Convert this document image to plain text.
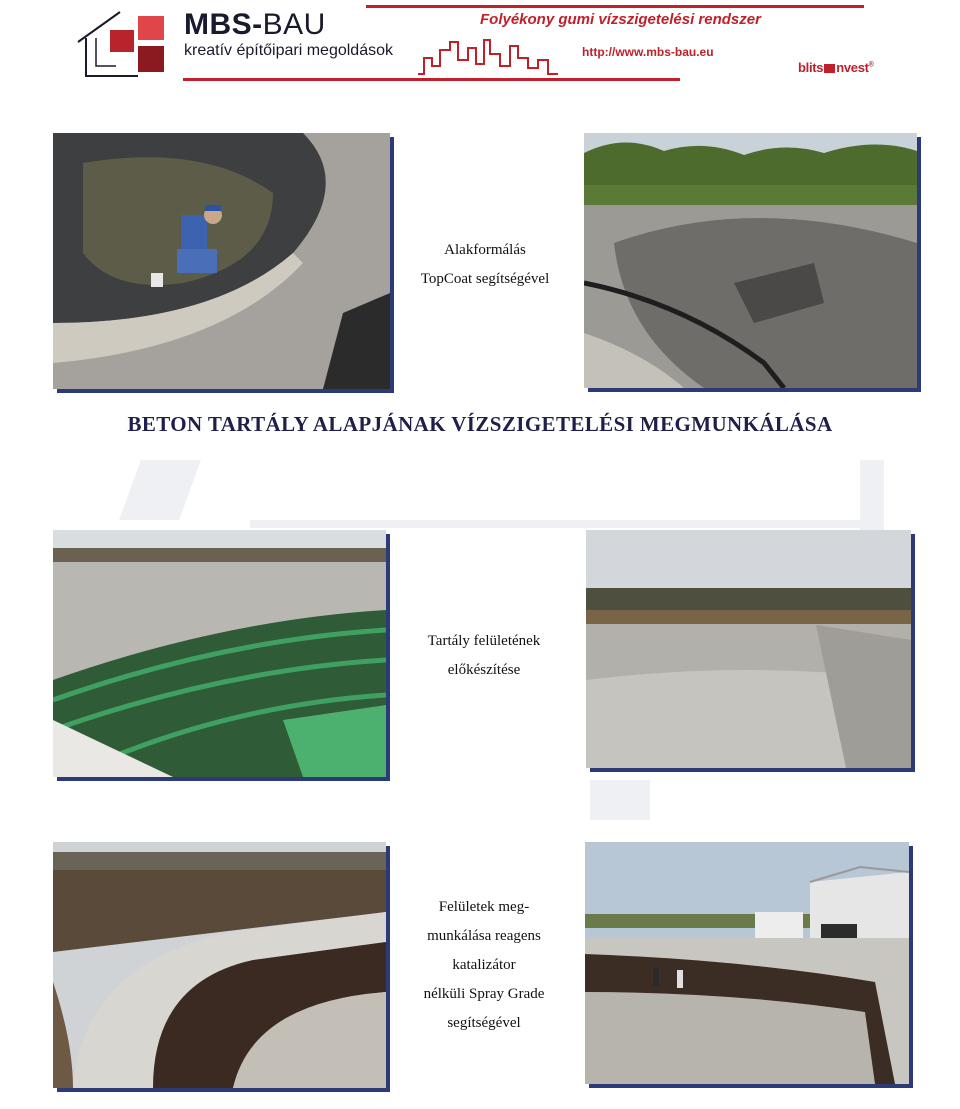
MBS-BAU
kreatív építőipari megoldások
Folyékony gumi vízszigetelési rendszer
http://www.mbs-bau.eu
blits nvest®
Alakformálás
TopCoat segítségével
BETON TARTÁLY ALAPJÁNAK VÍZSZIGETELÉSI MEGMUNKÁLÁSA
Tartály felületének
előkészítése
Felületek meg-
munkálása reagens
katalizátor
nélküli Spray Grade
segítségével
